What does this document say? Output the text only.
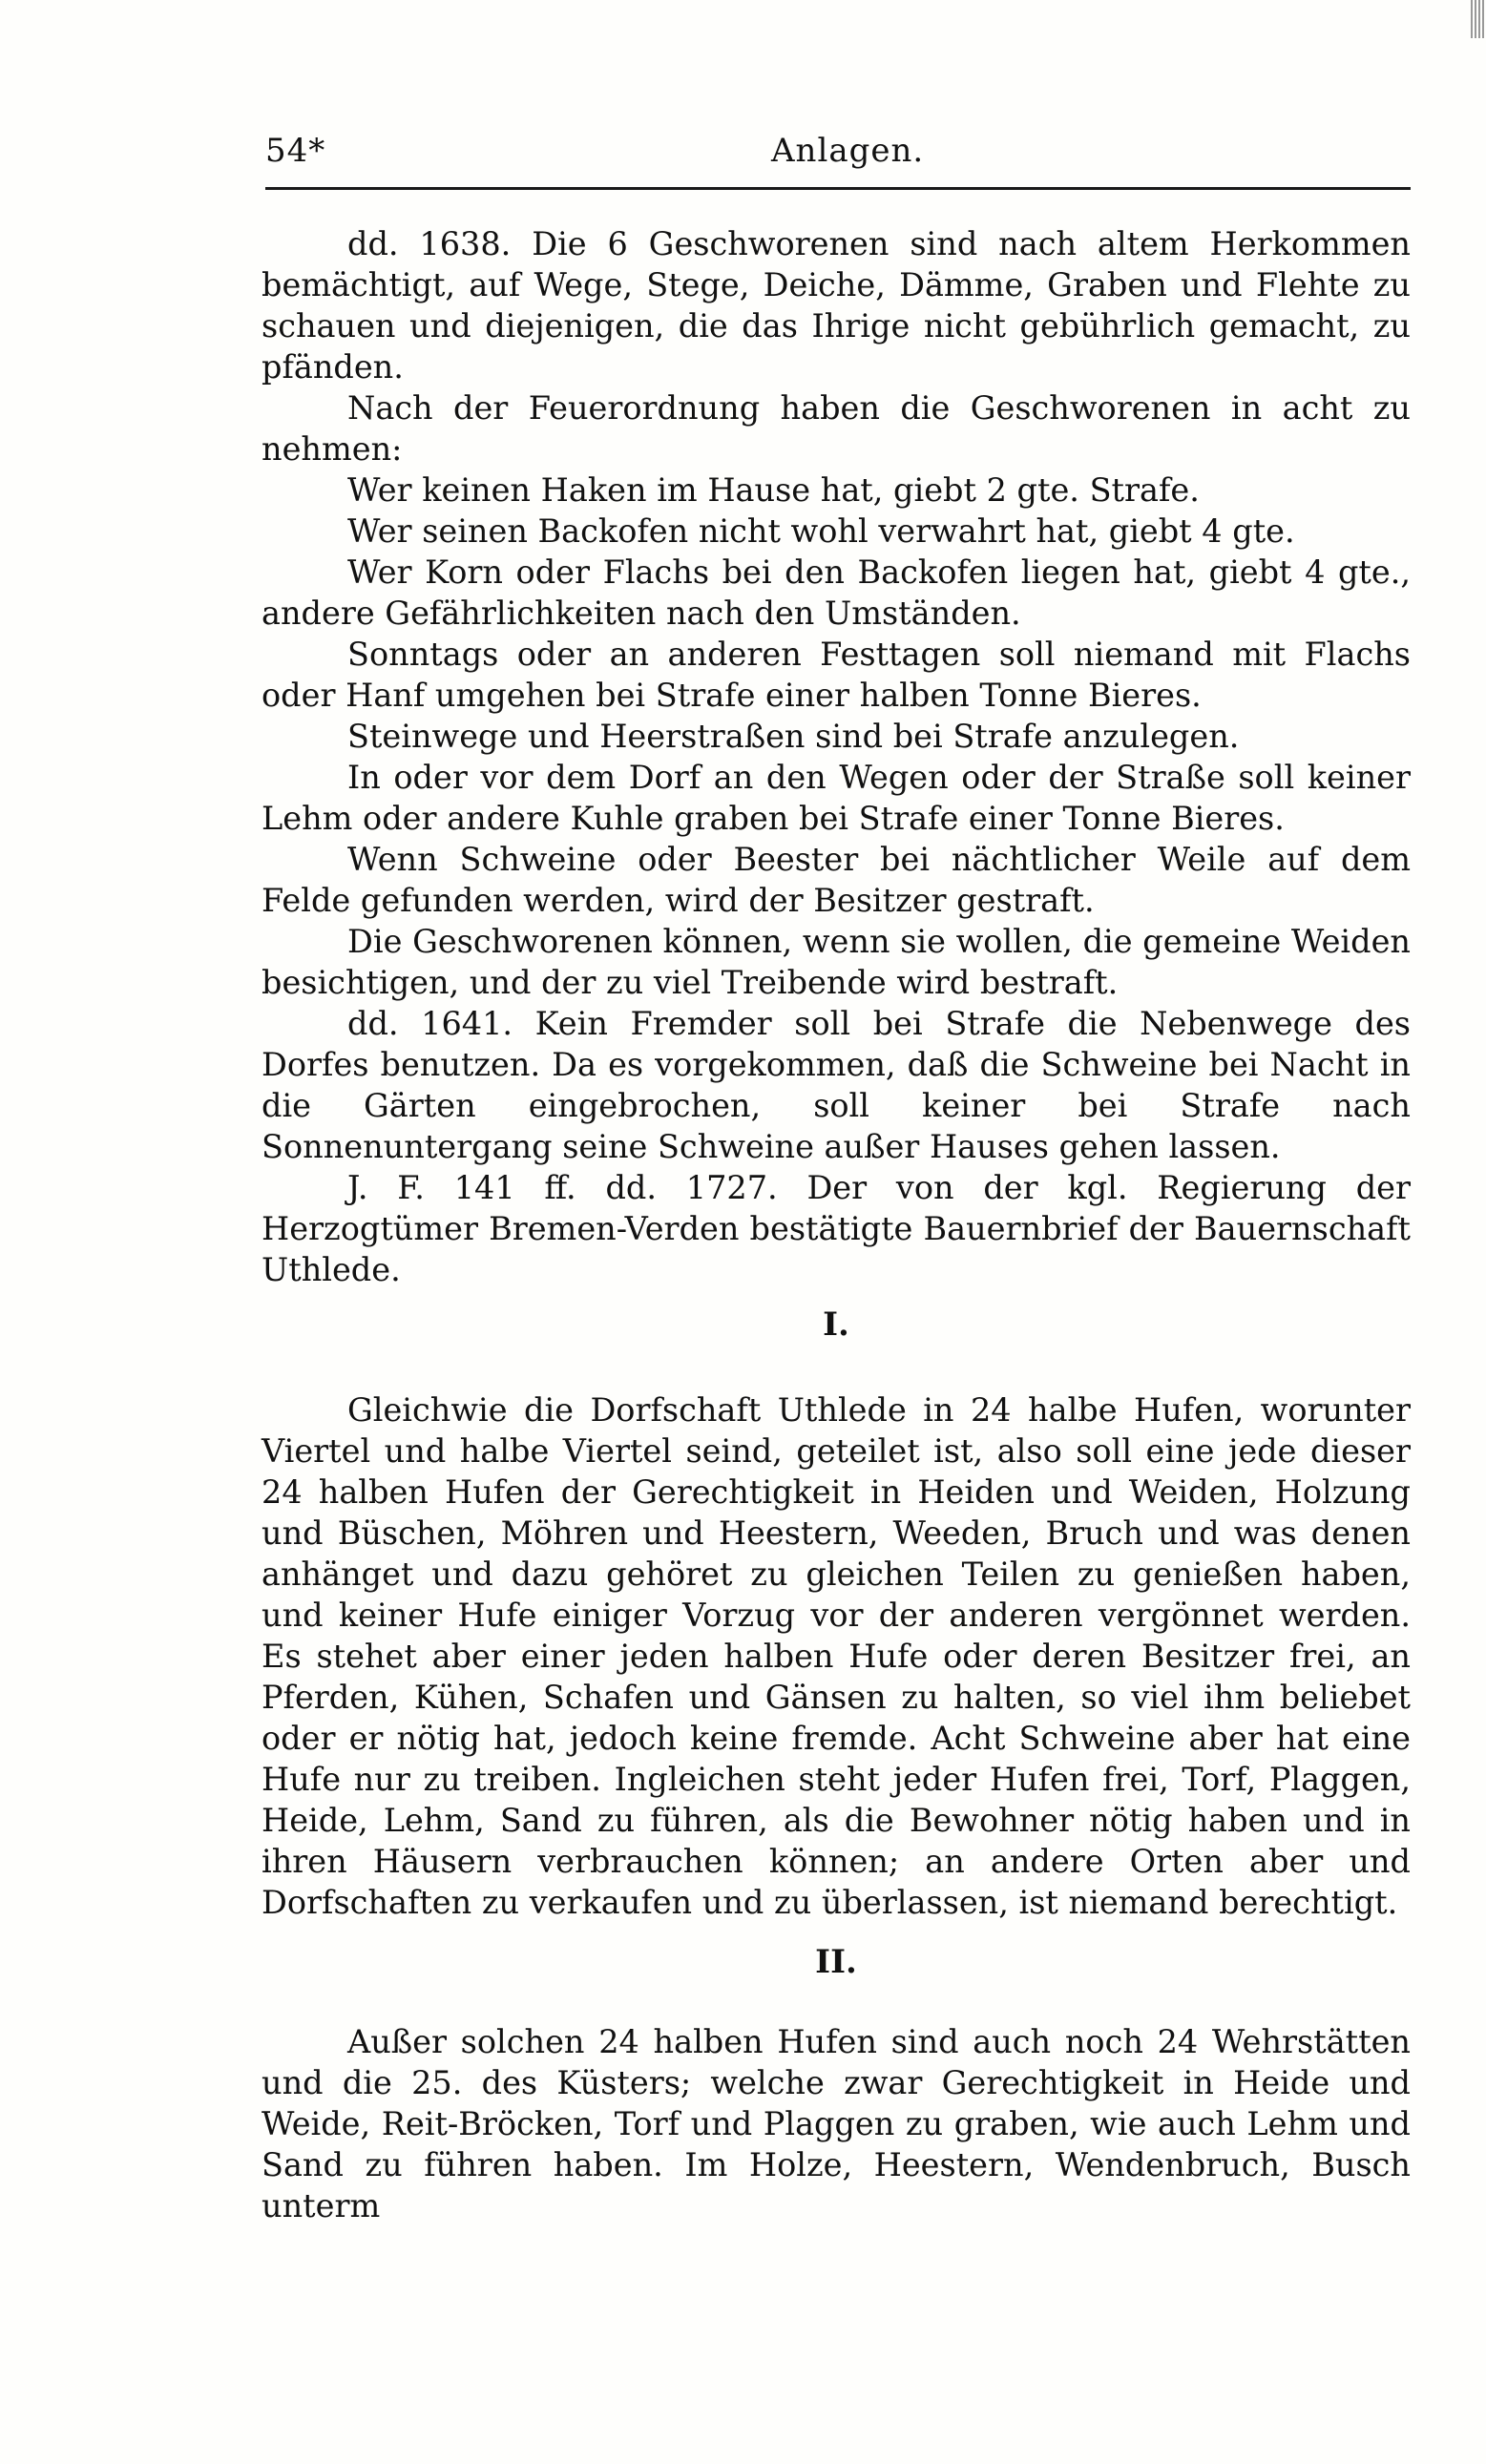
54*	Anlagen.

dd. 1638. Die 6 Geschworenen sind nach altem Herkommen bemächtigt, auf Wege, Stege, Deiche, Dämme, Graben und Flehte zu schauen und diejenigen, die das Ihrige nicht gebührlich gemacht, zu pfänden.

Nach der Feuerordnung haben die Geschworenen in acht zu nehmen:

Wer keinen Haken im Hause hat, giebt 2 gte. Strafe.

Wer seinen Backofen nicht wohl verwahrt hat, giebt 4 gte.

Wer Korn oder Flachs bei den Backofen liegen hat, giebt 4 gte., andere Gefährlichkeiten nach den Umständen.

Sonntags oder an anderen Festtagen soll niemand mit Flachs oder Hanf umgehen bei Strafe einer halben Tonne Bieres.

Steinwege und Heerstraßen sind bei Strafe anzulegen.

In oder vor dem Dorf an den Wegen oder der Straße soll keiner Lehm oder andere Kuhle graben bei Strafe einer Tonne Bieres.

Wenn Schweine oder Beester bei nächtlicher Weile auf dem Felde gefunden werden, wird der Besitzer gestraft.

Die Geschworenen können, wenn sie wollen, die gemeine Weiden besichtigen, und der zu viel Treibende wird bestraft.

dd. 1641. Kein Fremder soll bei Strafe die Nebenwege des Dorfes benutzen. Da es vorgekommen, daß die Schweine bei Nacht in die Gärten eingebrochen, soll keiner bei Strafe nach Sonnenuntergang seine Schweine außer Hauses gehen lassen.

J. F. 141 ff. dd. 1727. Der von der kgl. Regierung der Herzogtümer Bremen-Verden bestätigte Bauernbrief der Bauernschaft Uthlede.

I.

Gleichwie die Dorfschaft Uthlede in 24 halbe Hufen, worunter Viertel und halbe Viertel seind, geteilet ist, also soll eine jede dieser 24 halben Hufen der Gerechtigkeit in Heiden und Weiden, Holzung und Büschen, Möhren und Heestern, Weeden, Bruch und was denen anhänget und dazu gehöret zu gleichen Teilen zu genießen haben, und keiner Hufe einiger Vorzug vor der anderen vergönnet werden. Es stehet aber einer jeden halben Hufe oder deren Besitzer frei, an Pferden, Kühen, Schafen und Gänsen zu halten, so viel ihm beliebet oder er nötig hat, jedoch keine fremde. Acht Schweine aber hat eine Hufe nur zu treiben. Ingleichen steht jeder Hufen frei, Torf, Plaggen, Heide, Lehm, Sand zu führen, als die Bewohner nötig haben und in ihren Häusern verbrauchen können; an andere Orten aber und Dorfschaften zu verkaufen und zu überlassen, ist niemand berechtigt.

II.

Außer solchen 24 halben Hufen sind auch noch 24 Wehrstätten und die 25. des Küsters; welche zwar Gerechtigkeit in Heide und Weide, Reit-Bröcken, Torf und Plaggen zu graben, wie auch Lehm und Sand zu führen haben. Im Holze, Heestern, Wendenbruch, Busch unterm
